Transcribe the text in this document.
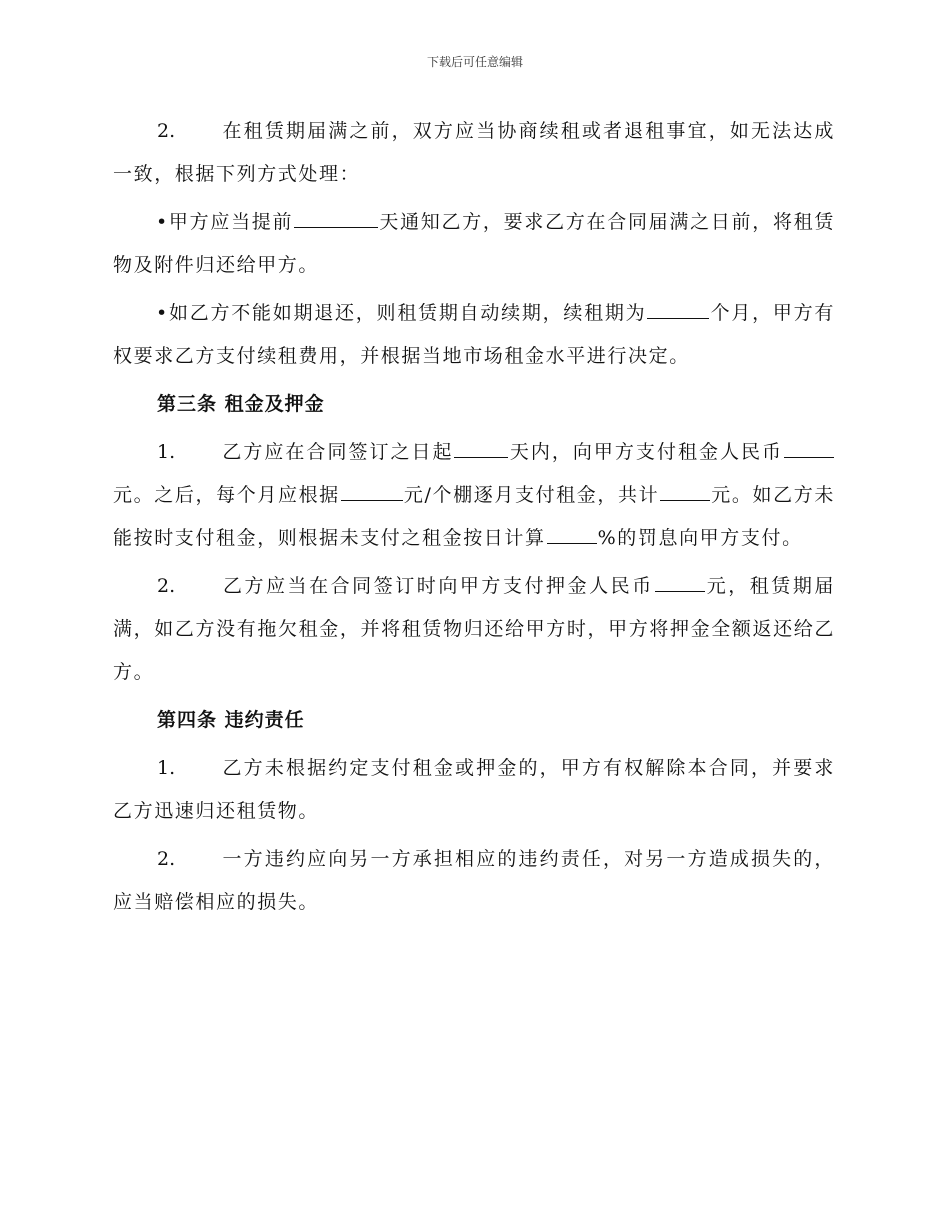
下载后可任意编辑

2. 在租赁期届满之前，双方应当协商续租或者退租事宜，如无法达成一致，根据下列方式处理：

•甲方应当提前	天通知乙方，要求乙方在合同届满之日前，将租赁物及附件归还给甲方。

•如乙方不能如期退还，则租赁期自动续期，续租期为	个月，甲方有权要求乙方支付续租费用，并根据当地市场租金水平进行决定。

第三条 租金及押金

1. 乙方应在合同签订之日起	天内，向甲方支付租金人民币元。之后，每个月应根据	元/个棚逐月支付租金，共计	元。如乙方未能按时支付租金，则根据未支付之租金按日计算	%的罚息向甲方支付。

2. 乙方应当在合同签订时向甲方支付押金人民币	元，租赁期届满，如乙方没有拖欠租金，并将租赁物归还给甲方时，甲方将押金全额返还给乙方。

第四条 违约责任

1. 乙方未根据约定支付租金或押金的，甲方有权解除本合同，并要求乙方迅速归还租赁物。

2. 一方违约应向另一方承担相应的违约责任，对另一方造成损失的，应当赔偿相应的损失。
